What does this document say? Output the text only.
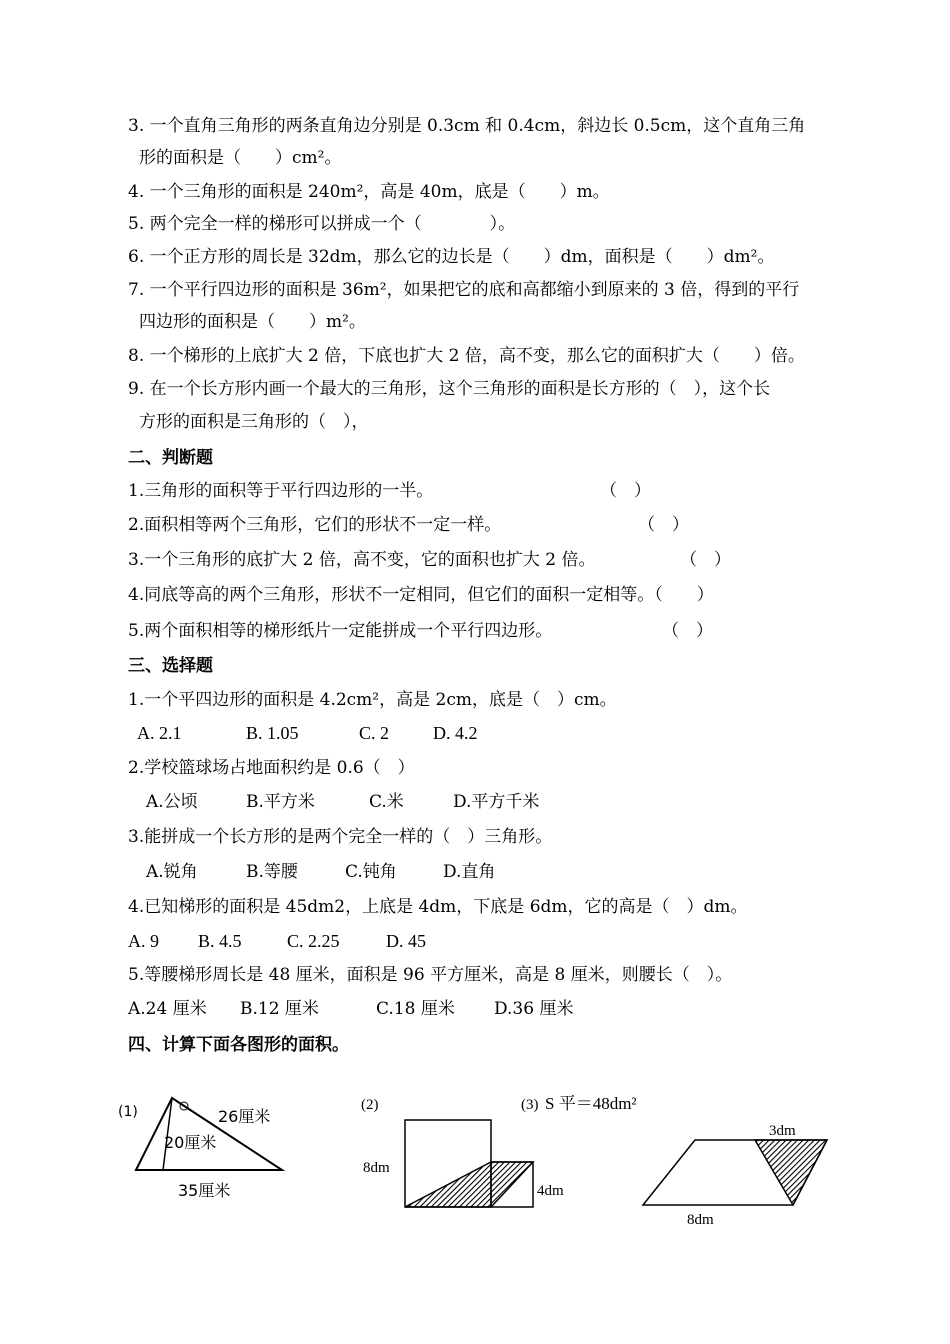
3. 一个直角三角形的两条直角边分别是 0.3cm 和 0.4cm，斜边长 0.5cm，这个直角三角
形的面积是（　　）cm²。
4. 一个三角形的面积是 240m²，高是 40m，底是（　　）m。
5. 两个完全一样的梯形可以拼成一个（　　　　）。
6. 一个正方形的周长是 32dm，那么它的边长是（　　）dm，面积是（　　）dm²。
7. 一个平行四边形的面积是 36m²，如果把它的底和高都缩小到原来的 3 倍，得到的平行
四边形的面积是（　　）m²。
8. 一个梯形的上底扩大 2 倍，下底也扩大 2 倍，高不变，那么它的面积扩大（　　）倍。
9. 在一个长方形内画一个最大的三角形，这个三角形的面积是长方形的（　），这个长
方形的面积是三角形的（　），
二、判断题
1.三角形的面积等于平行四边形的一半。	（　）
2.面积相等两个三角形，它们的形状不一定一样。	（　）
3.一个三角形的底扩大 2 倍，高不变，它的面积也扩大 2 倍。	（　）
4.同底等高的两个三角形，形状不一定相同，但它们的面积一定相等。（　　）
5.两个面积相等的梯形纸片一定能拼成一个平行四边形。	（　）
三、选择题
1.一个平四边形的面积是 4.2cm²，高是 2cm，底是（　）cm。
A. 2.1	B. 1.05	C. 2 D. 4.2
2.学校篮球场占地面积约是 0.6（　）
A.公顷	B.平方米	C.米	D.平方千米
3.能拼成一个长方形的是两个完全一样的（　）三角形。
A.锐角	B.等腰	C.钝角	D.直角
4.已知梯形的面积是 45dm2，上底是 4dm，下底是 6dm，它的高是（　）dm。
A. 9 B. 4.5	C. 2.25	D. 45
5.等腰梯形周长是 48 厘米，面积是 96 平方厘米，高是 8 厘米，则腰长（　）。
A.24 厘米 B.12 厘米	C.18 厘米 D.36 厘米
四、计算下面各图形的面积。
(1)	26厘米
20厘米
35厘米
(2)
8dm
4dm
(3) S 平＝48dm²
3dm
8dm
